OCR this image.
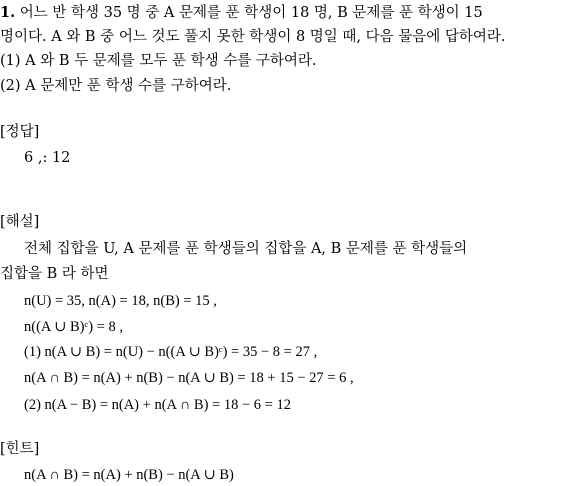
1. 어느 반 학생 35 명 중 A 문제를 푼 학생이 18 명, B 문제를 푼 학생이 15
명이다. A 와 B 중 어느 것도 풀지 못한 학생이 8 명일 때, 다음 물음에 답하여라.
(1) A 와 B 두 문제를 모두 푼 학생 수를 구하여라.
(2) A 문제만 푼 학생 수를 구하여라.
[정답]
6 ,: 12
[해설]
전체 집합을 U, A 문제를 푼 학생들의 집합을 A, B 문제를 푼 학생들의
집합을 B 라 하면
n(U) = 35, n(A) = 18, n(B) = 15 ,
n((A ∪ B)ᶜ) = 8 ,
(1) n(A ∪ B) = n(U) − n((A ∪ B)ᶜ) = 35 − 8 = 27 ,
n(A ∩ B) = n(A) + n(B) − n(A ∪ B) = 18 + 15 − 27 = 6 ,
(2) n(A − B) = n(A) + n(A ∩ B) = 18 − 6 = 12
[힌트]
n(A ∩ B) = n(A) + n(B) − n(A ∪ B)
